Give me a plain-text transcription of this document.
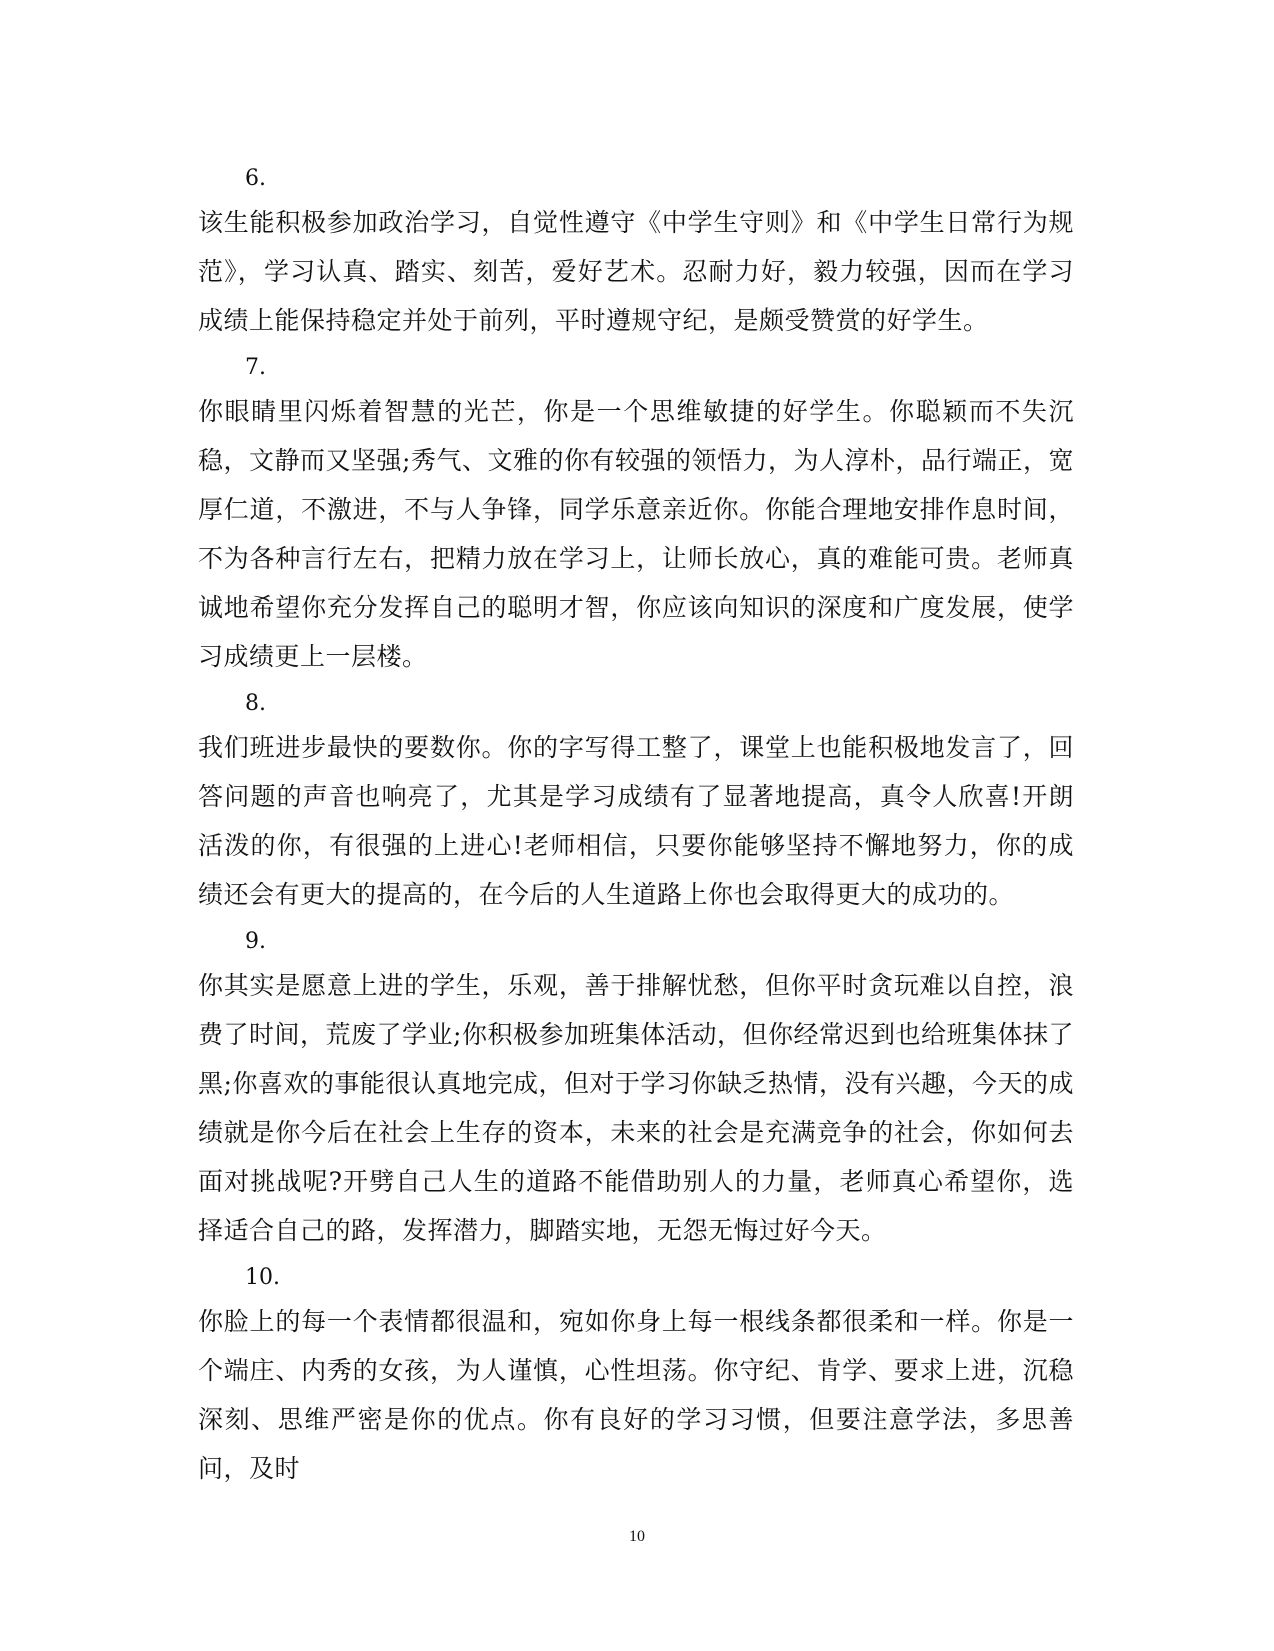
6.

该生能积极参加政治学习，自觉性遵守《中学生守则》和《中学生日常行为规范》，学习认真、踏实、刻苦，爱好艺术。忍耐力好，毅力较强，因而在学习成绩上能保持稳定并处于前列，平时遵规守纪，是颇受赞赏的好学生。

7.

你眼睛里闪烁着智慧的光芒，你是一个思维敏捷的好学生。你聪颖而不失沉稳，文静而又坚强;秀气、文雅的你有较强的领悟力，为人淳朴，品行端正，宽厚仁道，不激进，不与人争锋，同学乐意亲近你。你能合理地安排作息时间，不为各种言行左右，把精力放在学习上，让师长放心，真的难能可贵。老师真诚地希望你充分发挥自己的聪明才智，你应该向知识的深度和广度发展，使学习成绩更上一层楼。

8.

我们班进步最快的要数你。你的字写得工整了，课堂上也能积极地发言了，回答问题的声音也响亮了，尤其是学习成绩有了显著地提高，真令人欣喜!开朗活泼的你，有很强的上进心!老师相信，只要你能够坚持不懈地努力，你的成绩还会有更大的提高的，在今后的人生道路上你也会取得更大的成功的。

9.

你其实是愿意上进的学生，乐观，善于排解忧愁，但你平时贪玩难以自控，浪费了时间，荒废了学业;你积极参加班集体活动，但你经常迟到也给班集体抹了黑;你喜欢的事能很认真地完成，但对于学习你缺乏热情，没有兴趣，今天的成绩就是你今后在社会上生存的资本，未来的社会是充满竞争的社会，你如何去面对挑战呢?开劈自己人生的道路不能借助别人的力量，老师真心希望你，选择适合自己的路，发挥潜力，脚踏实地，无怨无悔过好今天。

10.

你脸上的每一个表情都很温和，宛如你身上每一根线条都很柔和一样。你是一个端庄、内秀的女孩，为人谨慎，心性坦荡。你守纪、肯学、要求上进，沉稳深刻、思维严密是你的优点。你有良好的学习习惯，但要注意学法，多思善问，及时

10
